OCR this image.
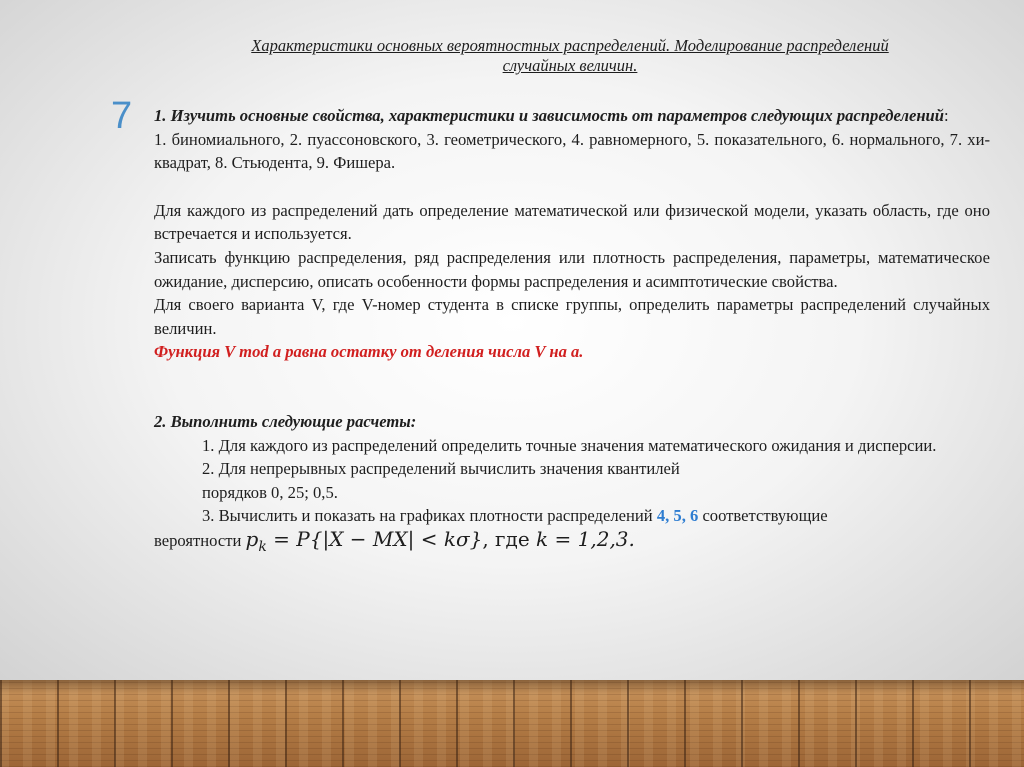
Характеристики основных вероятностных распределений. Моделирование распределений
случайных величин.
7 1. Изучить основные свойства, характеристики и зависимость от параметров следующих распределений:

1. биномиального, 2. пуассоновского, 3. геометрического, 4. равномерного, 5. показательного, 6. нормального, 7. хи-квадрат, 8. Стьюдента, 9. Фишера.

Для каждого из распределений дать определение математической или физической модели, указать область, где оно встречается и используется.

Записать функцию распределения, ряд распределения или плотность распределения, параметры, математическое ожидание, дисперсию, описать особенности формы распределения и асимптотические свойства.

Для своего варианта V, где V-номер студента в списке группы, определить параметры распределений случайных величин.

Функция V mod a равна остатку от деления числа V на a.

2. Выполнить следующие расчеты:

1. Для каждого из распределений определить точные значения математического ожидания и дисперсии.

2. Для непрерывных распределений вычислить значения квантилей

порядков 0, 25; 0,5.

3. Вычислить и показать на графиках плотности распределений 4, 5, 6 соответствующие

вероятности $p_k = P\{|X - MX| < k\sigma\}$, где k = 1,2,3.
